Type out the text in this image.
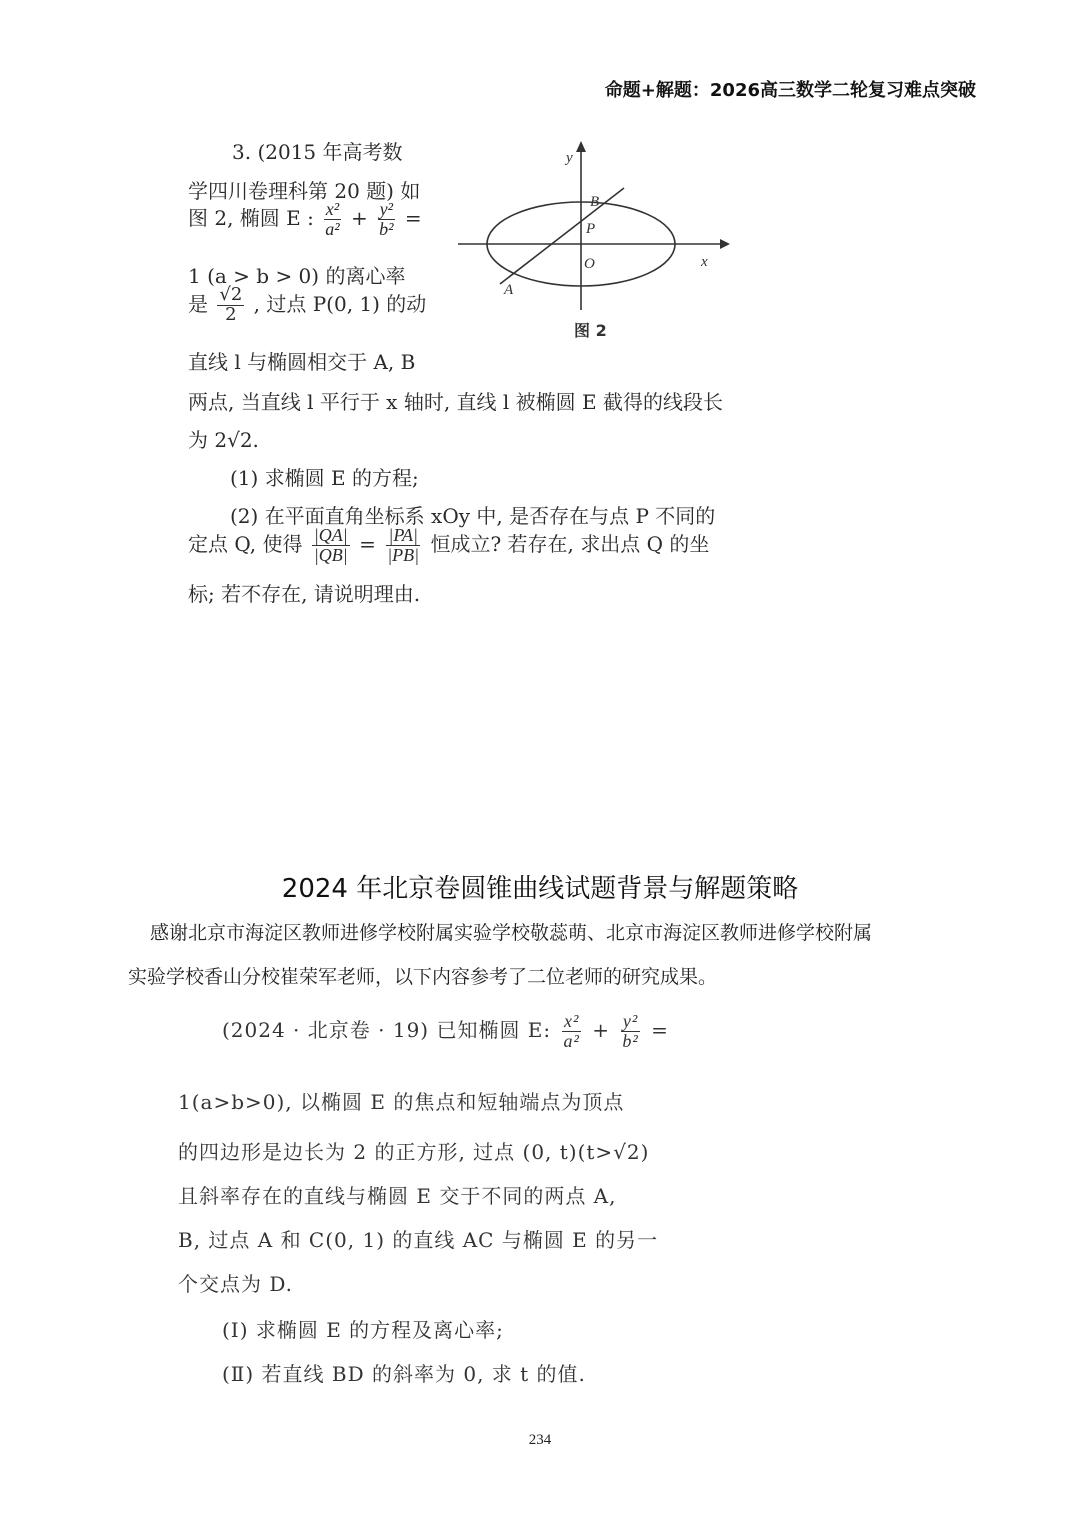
命题+解题：2026高三数学二轮复习难点突破
3. (2015 年高考数
学四川卷理科第 20 题) 如
图 2, 椭圆 E : $\frac{\text{x²}}{\text{a²}} + \frac{\text{y²}}{\text{b²}}$ =
1 (a > b > 0) 的离心率
是 $\frac{√2}{2}$ , 过点 P(0, 1) 的动
直线 l 与椭圆相交于 A, B
两点, 当直线 l 平行于 x 轴时, 直线 l 被椭圆 E 截得的线段长
为 2√2.
(1) 求椭圆 E 的方程;
(2) 在平面直角坐标系 xOy 中, 是否存在与点 P 不同的
定点 Q, 使得 $\frac{|QA|}{|QB|} = \frac{|PA|}{|PB|}$ 恒成立? 若存在, 求出点 Q 的坐
标; 若不存在, 请说明理由.
y
x
B
P
O
A
图 2
2024 年北京卷圆锥曲线试题背景与解题策略
感谢北京市海淀区教师进修学校附属实验学校敬蕊萌、北京市海淀区教师进修学校附属
实验学校香山分校崔荣军老师，以下内容参考了二位老师的研究成果。
(2024 · 北京卷 · 19) 已知椭圆 E: $\frac{\text{x²}}{\text{a²}} + \frac{\text{y²}}{\text{b²}}$ =
1(a>b>0), 以椭圆 E 的焦点和短轴端点为顶点
的四边形是边长为 2 的正方形, 过点 (0, t)(t>√2)
且斜率存在的直线与椭圆 E 交于不同的两点 A,
B, 过点 A 和 C(0, 1) 的直线 AC 与椭圆 E 的另一
个交点为 D.
(Ⅰ) 求椭圆 E 的方程及离心率;
(Ⅱ) 若直线 BD 的斜率为 0, 求 t 的值.
234
